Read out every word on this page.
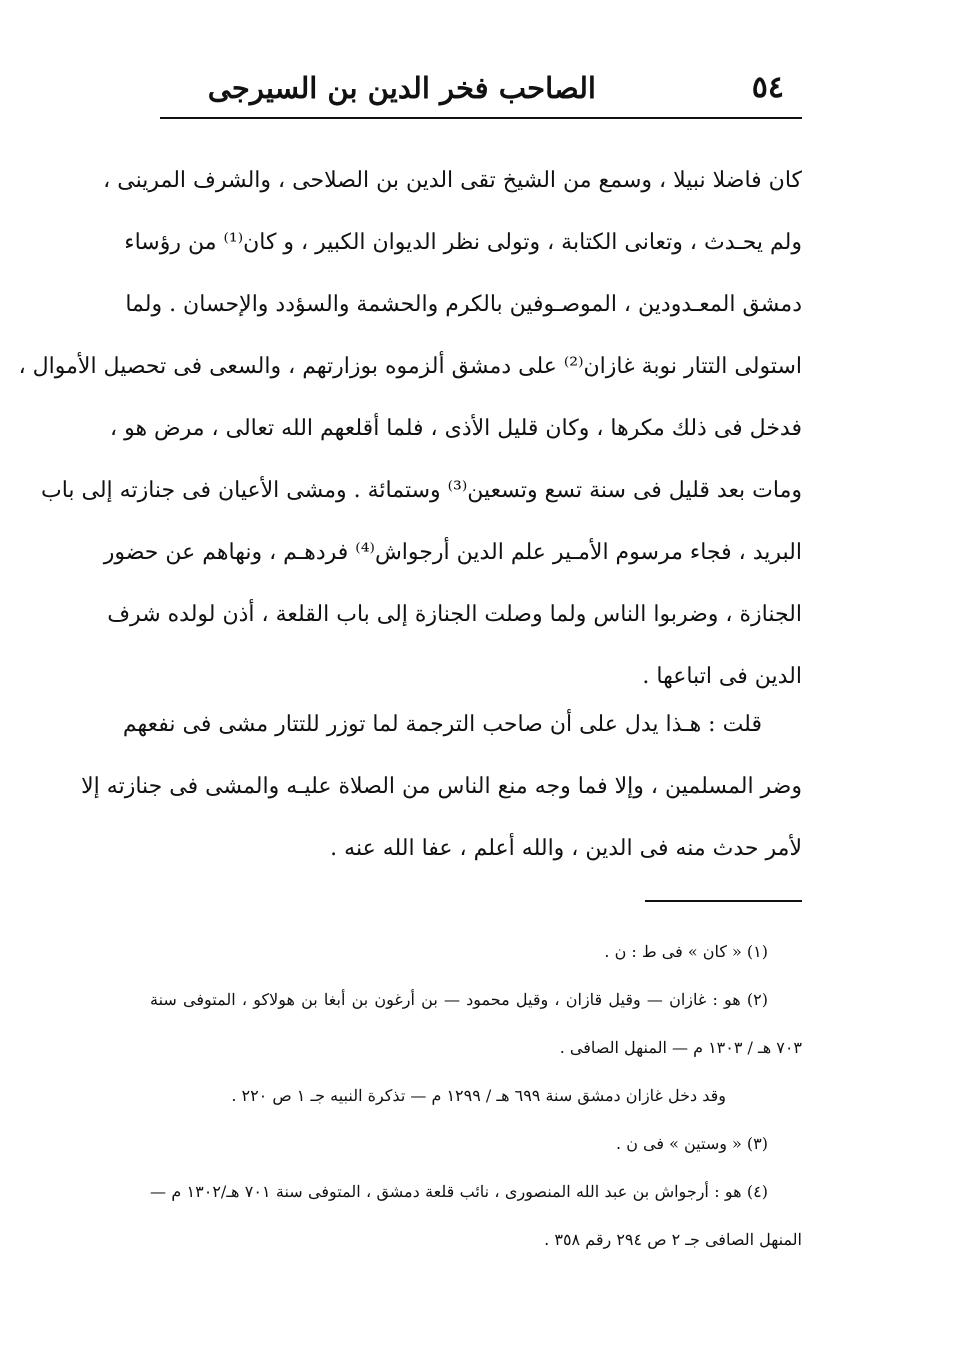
٥٤
الصاحب فخر الدين بن السيرجى
كان فاضلا نبيلا ، وسمع من الشيخ تقى الدين بن الصلاحى ، والشرف المرينى ،
ولم يحـدث ، وتعانى الكتابة ، وتولى نظر الديوان الكبير ، و كان⁽¹⁾ من رؤساء
دمشق المعـدودين ، الموصـوفين بالكرم والحشمة والسؤدد والإحسان . ولما
استولى التتار نوبة غازان⁽²⁾ على دمشق ألزموه بوزارتهم ، والسعى فى تحصيل الأموال ،
فدخل فى ذلك مكرها ، وكان قليل الأذى ، فلما أقلعهم الله تعالى ، مرض هو ،
ومات بعد قليل فى سنة تسع وتسعين⁽³⁾ وستمائة . ومشى الأعيان فى جنازته إلى باب
البريد ، فجاء مرسوم الأمـير علم الدين أرجواش⁽⁴⁾ فردهـم ، ونهاهم عن حضور
الجنازة ، وضربوا الناس ولما وصلت الجنازة إلى باب القلعة ، أذن لولده شرف
الدين فى اتباعها .
قلت : هـذا يدل على أن صاحب الترجمة لما توزر للتتار مشى فى نفعهم
وضر المسلمين ، وإلا فما وجه منع الناس من الصلاة عليـه والمشى فى جنازته إلا
لأمر حدث منه فى الدين ، والله أعلم ، عفا الله عنه .
(١) « كان » فى ط : ن .
(٢) هو : غازان — وقيل قازان ، وقيل محمود — بن أرغون بن أبغا بن هولاكو ، المتوفى سنة
٧٠٣ هـ / ١٣٠٣ م — المنهل الصافى .
وقد دخل غازان دمشق سنة ٦٩٩ هـ / ١٢٩٩ م — تذكرة النبيه جـ ١ ص ٢٢٠ .
(٣) « وستين » فى ن .
(٤) هو : أرجواش بن عبد الله المنصورى ، نائب قلعة دمشق ، المتوفى سنة ٧٠١ هـ/١٣٠٢ م —
المنهل الصافى جـ ٢ ص ٢٩٤ رقم ٣٥٨ .
